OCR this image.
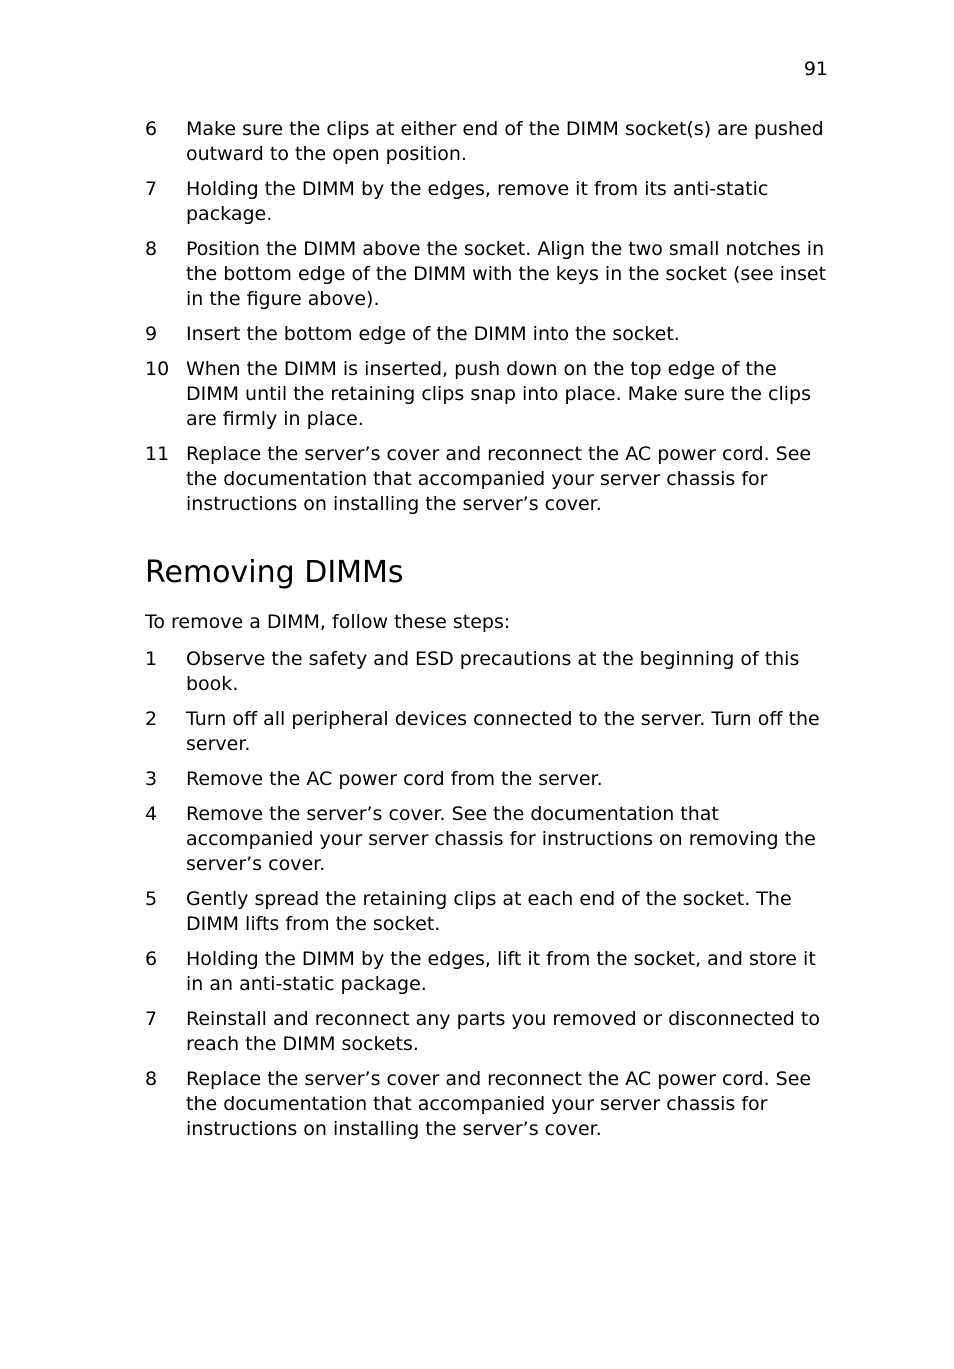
91
6	Make sure the clips at either end of the DIMM socket(s) are pushed outward to the open position.
7	Holding the DIMM by the edges, remove it from its anti-static package.
8	Position the DIMM above the socket. Align the two small notches in the bottom edge of the DIMM with the keys in the socket (see inset in the figure above).
9	Insert the bottom edge of the DIMM into the socket.
10 When the DIMM is inserted, push down on the top edge of the DIMM until the retaining clips snap into place. Make sure the clips are firmly in place.
11 Replace the server’s cover and reconnect the AC power cord. See the documentation that accompanied your server chassis for instructions on installing the server’s cover.
Removing DIMMs

To remove a DIMM, follow these steps:

1	Observe the safety and ESD precautions at the beginning of this book.
2	Turn off all peripheral devices connected to the server. Turn off the server.
3	Remove the AC power cord from the server.
4	Remove the server’s cover. See the documentation that accompanied your server chassis for instructions on removing the server’s cover.
5	Gently spread the retaining clips at each end of the socket. The DIMM lifts from the socket.
6	Holding the DIMM by the edges, lift it from the socket, and store it in an anti-static package.
7	Reinstall and reconnect any parts you removed or disconnected to reach the DIMM sockets.
8	Replace the server’s cover and reconnect the AC power cord. See the documentation that accompanied your server chassis for instructions on installing the server’s cover.
